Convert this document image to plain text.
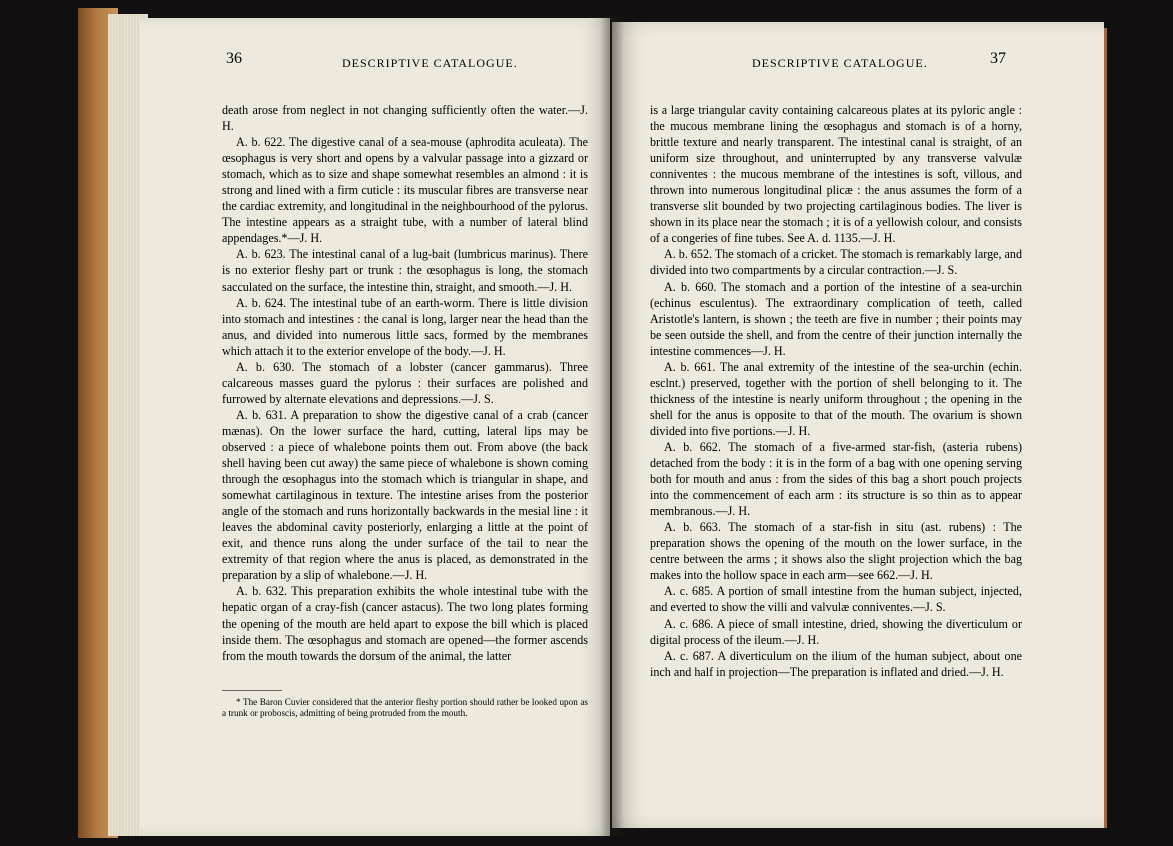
36	DESCRIPTIVE CATALOGUE.	DESCRIPTIVE CATALOGUE.	37

death arose from neglect in not changing sufficiently often the water.—J. H.

A. b. 622. The digestive canal of a sea-mouse (aphrodita aculeata). The œsophagus is very short and opens by a valvular passage into a gizzard or stomach, which as to size and shape somewhat resembles an almond : it is strong and lined with a firm cuticle : its muscular fibres are transverse near the cardiac extremity, and longitudinal in the neighbourhood of the pylorus. The intestine appears as a straight tube, with a number of lateral blind appendages.*—J. H.

A. b. 623. The intestinal canal of a lug-bait (lumbricus marinus). There is no exterior fleshy part or trunk : the œsophagus is long, the stomach sacculated on the surface, the intestine thin, straight, and smooth.—J. H.

A. b. 624. The intestinal tube of an earth-worm. There is little division into stomach and intestines : the canal is long, larger near the head than the anus, and divided into numerous little sacs, formed by the membranes which attach it to the exterior envelope of the body.—J. H.

A. b. 630. The stomach of a lobster (cancer gammarus). Three calcareous masses guard the pylorus : their surfaces are polished and furrowed by alternate elevations and depressions.—J. S.

A. b. 631. A preparation to show the digestive canal of a crab (cancer mænas). On the lower surface the hard, cutting, lateral lips may be observed : a piece of whalebone points them out. From above (the back shell having been cut away) the same piece of whalebone is shown coming through the œsophagus into the stomach which is triangular in shape, and somewhat cartilaginous in texture. The intestine arises from the posterior angle of the stomach and runs horizontally backwards in the mesial line : it leaves the abdominal cavity posteriorly, enlarging a little at the point of exit, and thence runs along the under surface of the tail to near the extremity of that region where the anus is placed, as demonstrated in the preparation by a slip of whalebone.—J. H.

A. b. 632. This preparation exhibits the whole intestinal tube with the hepatic organ of a cray-fish (cancer astacus). The two long plates forming the opening of the mouth are held apart to expose the bill which is placed inside them. The œsophagus and stomach are opened—the former ascends from the mouth towards the dorsum of the animal, the latter

* The Baron Cuvier considered that the anterior fleshy portion should rather be looked upon as a trunk or proboscis, admitting of being protruded from the mouth.

is a large triangular cavity containing calcareous plates at its pyloric angle : the mucous membrane lining the œsophagus and stomach is of a horny, brittle texture and nearly transparent. The intestinal canal is straight, of an uniform size throughout, and uninterrupted by any transverse valvulæ conniventes : the mucous membrane of the intestines is soft, villous, and thrown into numerous longitudinal plicæ : the anus assumes the form of a transverse slit bounded by two projecting cartilaginous bodies. The liver is shown in its place near the stomach ; it is of a yellowish colour, and consists of a congeries of fine tubes. See A. d. 1135.—J. H.

A. b. 652. The stomach of a cricket. The stomach is remarkably large, and divided into two compartments by a circular contraction.—J. S.

A. b. 660. The stomach and a portion of the intestine of a sea-urchin (echinus esculentus). The extraordinary complication of teeth, called Aristotle's lantern, is shown ; the teeth are five in number ; their points may be seen outside the shell, and from the centre of their junction internally the intestine commences—J. H.

A. b. 661. The anal extremity of the intestine of the sea-urchin (echin. esclnt.) preserved, together with the portion of shell belonging to it. The thickness of the intestine is nearly uniform throughout ; the opening in the shell for the anus is opposite to that of the mouth. The ovarium is shown divided into five portions.—J. H.

A. b. 662. The stomach of a five-armed star-fish, (asteria rubens) detached from the body : it is in the form of a bag with one opening serving both for mouth and anus : from the sides of this bag a short pouch projects into the commencement of each arm : its structure is so thin as to appear membranous.—J. H.

A. b. 663. The stomach of a star-fish in situ (ast. rubens) : The preparation shows the opening of the mouth on the lower surface, in the centre between the arms ; it shows also the slight projection which the bag makes into the hollow space in each arm—see 662.—J. H.

A. c. 685. A portion of small intestine from the human subject, injected, and everted to show the villi and valvulæ conniventes.—J. S.

A. c. 686. A piece of small intestine, dried, showing the diverticulum or digital process of the ileum.—J. H.

A. c. 687. A diverticulum on the ilium of the human subject, about one inch and half in projection—The preparation is inflated and dried.—J. H.
